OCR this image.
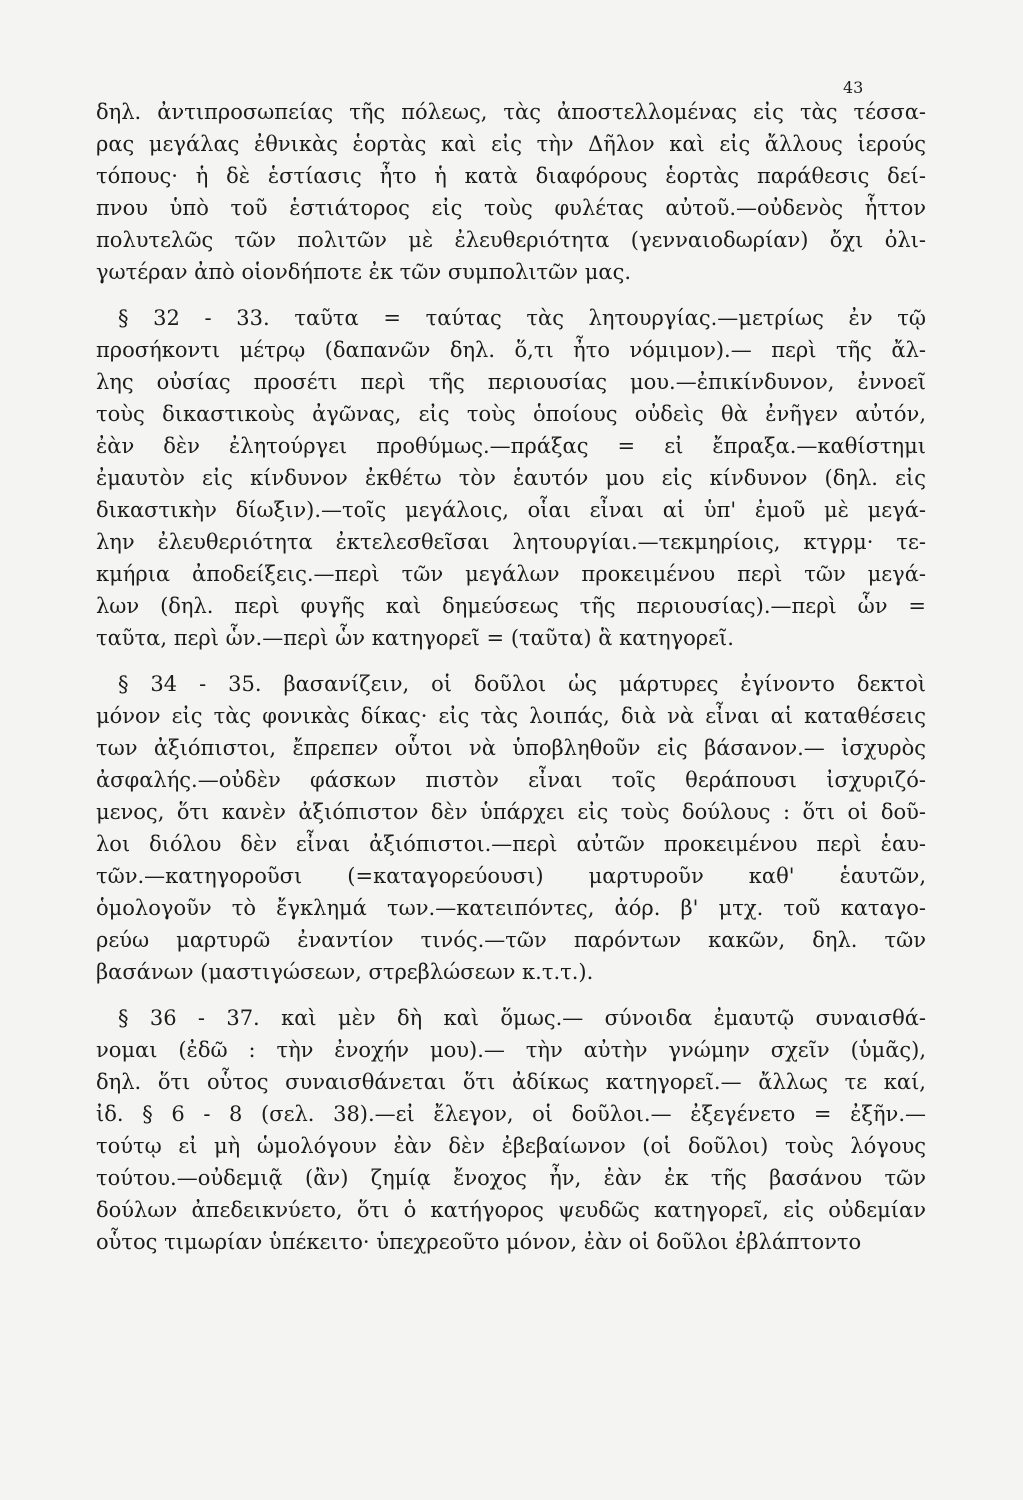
43
δηλ. ἀντιπροσωπείας τῆς πόλεως, τὰς ἀποστελλομένας εἰς τὰς τέσσα-
ρας μεγάλας ἐθνικὰς ἑορτὰς καὶ εἰς τὴν Δῆλον καὶ εἰς ἄλλους ἱερούς
τόπους· ἡ δὲ ἑστίασις ἦτο ἡ κατὰ διαφόρους ἑορτὰς παράθεσις δεί-
πνου ὑπὸ τοῦ ἑστιάτορος εἰς τοὺς φυλέτας αὐτοῦ.—οὐδενὸς ἧττον
πολυτελῶς τῶν πολιτῶν μὲ ἐλευθεριότητα (γενναιοδωρίαν) ὄχι ὀλι-
γωτέραν ἀπὸ οἱονδήποτε ἐκ τῶν συμπολιτῶν μας.
§ 32 - 33. ταῦτα = ταύτας τὰς λητουργίας.—μετρίως ἐν τῷ
προσήκοντι μέτρῳ (δαπανῶν δηλ. ὅ,τι ἦτο νόμιμον).— περὶ τῆς ἄλ-
λης οὐσίας προσέτι περὶ τῆς περιουσίας μου.—ἐπικίνδυνον, ἐννοεῖ
τοὺς δικαστικοὺς ἀγῶνας, εἰς τοὺς ὁποίους οὐδεὶς θὰ ἐνῆγεν αὐτόν,
ἐὰν δὲν ἐλητούργει προθύμως.—πράξας = εἰ ἔπραξα.—καθίστημι
ἐμαυτὸν εἰς κίνδυνον ἐκθέτω τὸν ἑαυτόν μου εἰς κίνδυνον (δηλ. εἰς
δικαστικὴν δίωξιν).—τοῖς μεγάλοις, οἷαι εἶναι αἱ ὑπ' ἐμοῦ μὲ μεγά-
λην ἐλευθεριότητα ἐκτελεσθεῖσαι λητουργίαι.—τεκμηρίοις, κτγρμ· τε-
κμήρια ἀποδείξεις.—περὶ τῶν μεγάλων προκειμένου περὶ τῶν μεγά-
λων (δηλ. περὶ φυγῆς καὶ δημεύσεως τῆς περιουσίας).—περὶ ὧν =
ταῦτα, περὶ ὧν.—περὶ ὧν κατηγορεῖ = (ταῦτα) ἃ κατηγορεῖ.
§ 34 - 35. βασανίζειν, οἱ δοῦλοι ὡς μάρτυρες ἐγίνοντο δεκτοὶ
μόνον εἰς τὰς φονικὰς δίκας· εἰς τὰς λοιπάς, διὰ νὰ εἶναι αἱ καταθέσεις
των ἀξιόπιστοι, ἔπρεπεν οὗτοι νὰ ὑποβληθοῦν εἰς βάσανον.— ἰσχυρὸς
ἀσφαλής.—οὐδὲν φάσκων πιστὸν εἶναι τοῖς θεράπουσι ἰσχυριζό-
μενος, ὅτι κανὲν ἀξιόπιστον δὲν ὑπάρχει εἰς τοὺς δούλους : ὅτι οἱ δοῦ-
λοι διόλου δὲν εἶναι ἀξιόπιστοι.—περὶ αὐτῶν προκειμένου περὶ ἑαυ-
τῶν.—κατηγοροῦσι (=καταγορεύουσι) μαρτυροῦν καθ' ἑαυτῶν,
ὁμολογοῦν τὸ ἔγκλημά των.—κατειπόντες, ἀόρ. β' μτχ. τοῦ καταγο-
ρεύω μαρτυρῶ ἐναντίον τινός.—τῶν παρόντων κακῶν, δηλ. τῶν
βασάνων (μαστιγώσεων, στρεβλώσεων κ.τ.τ.).
§ 36 - 37. καὶ μὲν δὴ καὶ ὅμως.— σύνοιδα ἐμαυτῷ συναισθά-
νομαι (ἐδῶ : τὴν ἐνοχήν μου).— τὴν αὐτὴν γνώμην σχεῖν (ὑμᾶς),
δηλ. ὅτι οὗτος συναισθάνεται ὅτι ἀδίκως κατηγορεῖ.— ἄλλως τε καί,
ἰδ. § 6 - 8 (σελ. 38).—εἰ ἔλεγον, οἱ δοῦλοι.— ἐξεγένετο = ἐξῆν.—
τούτῳ εἰ μὴ ὡμολόγουν ἐὰν δὲν ἐβεβαίωνον (οἱ δοῦλοι) τοὺς λόγους
τούτου.—οὐδεμιᾷ (ἂν) ζημίᾳ ἔνοχος ἦν, ἐὰν ἐκ τῆς βασάνου τῶν
δούλων ἀπεδεικνύετο, ὅτι ὁ κατήγορος ψευδῶς κατηγορεῖ, εἰς οὐδεμίαν
οὗτος τιμωρίαν ὑπέκειτο· ὑπεχρεοῦτο μόνον, ἐὰν οἱ δοῦλοι ἐβλάπτοντο
